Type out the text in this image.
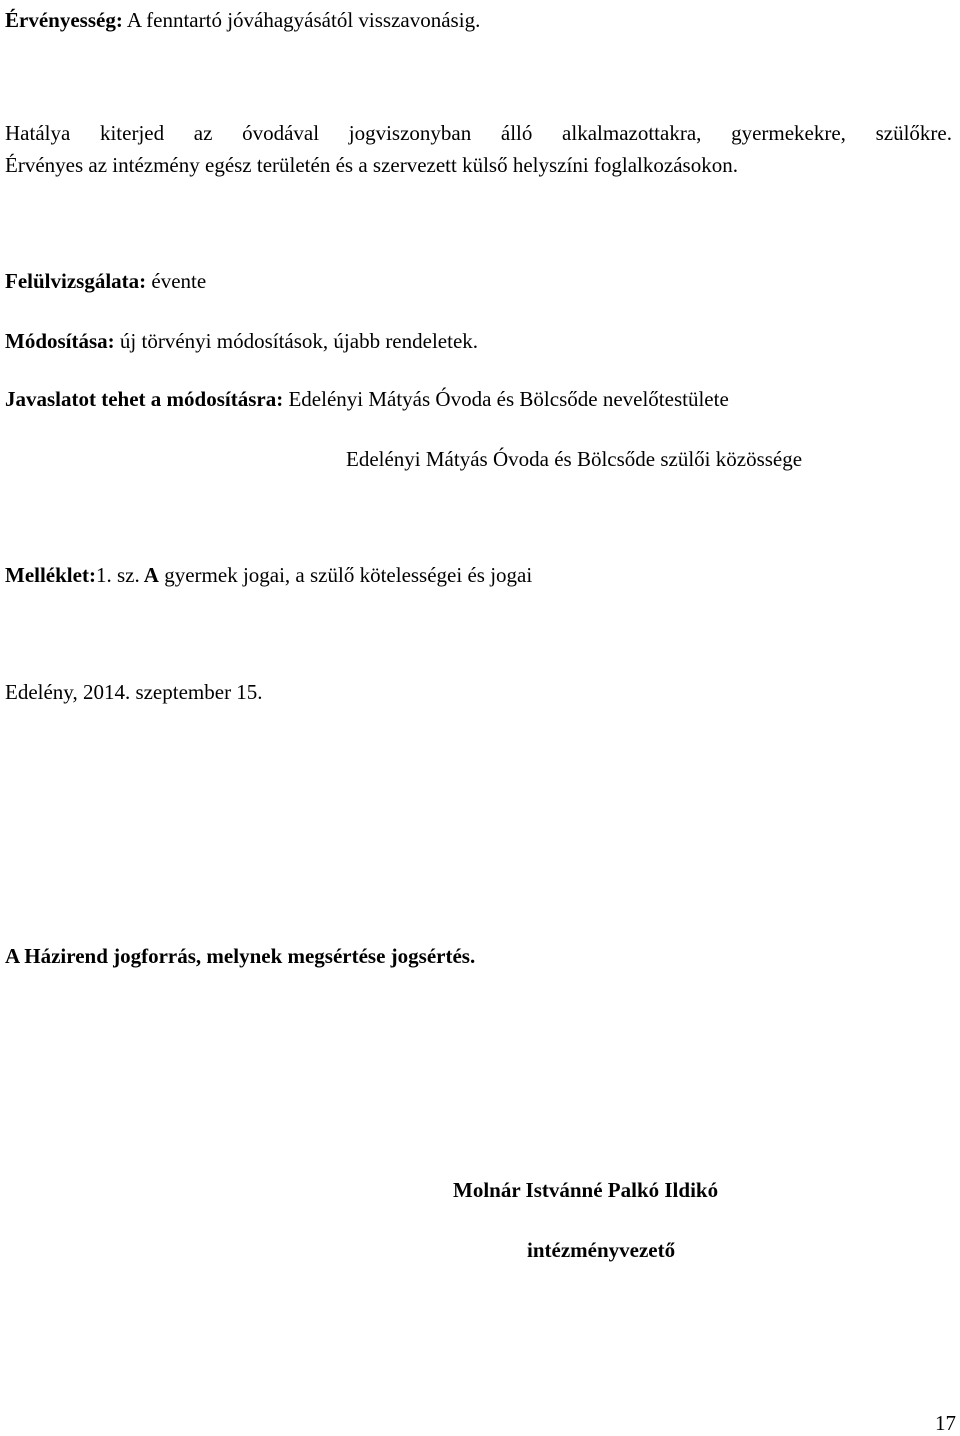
Érvényesség: A fenntartó jóváhagyásától visszavonásig.
Hatálya kiterjed az óvodával jogviszonyban álló alkalmazottakra, gyermekekre, szülőkre.
Érvényes az intézmény egész területén és a szervezett külső helyszíni foglalkozásokon.
Felülvizsgálata: évente
Módosítása: új törvényi módosítások, újabb rendeletek.
Javaslatot tehet a módosításra: Edelényi Mátyás Óvoda és Bölcsőde nevelőtestülete
Edelényi Mátyás Óvoda és Bölcsőde szülői közössége
Melléklet:1. sz. A gyermek jogai, a szülő kötelességei és jogai
Edelény, 2014. szeptember 15.
A Házirend jogforrás, melynek megsértése jogsértés.
Molnár Istvánné Palkó Ildikó
intézményvezető
17
